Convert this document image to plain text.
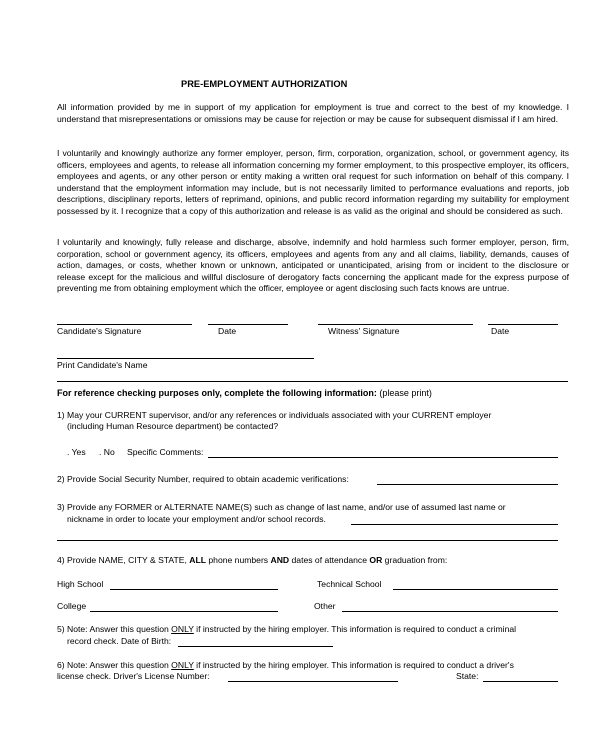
PRE-EMPLOYMENT AUTHORIZATION

All information provided by me in support of my application for employment is true and correct to the best of my knowledge. I understand that misrepresentations or omissions may be cause for rejection or may be cause for subsequent dismissal if I am hired.

I voluntarily and knowingly authorize any former employer, person, firm, corporation, organization, school, or government agency, its officers, employees and agents, to release all information concerning my former employment, to this prospective employer, its officers, employees and agents, or any other person or entity making a written oral request for such information on behalf of this company. I understand that the employment information may include, but is not necessarily limited to performance evaluations and reports, job descriptions, disciplinary reports, letters of reprimand, opinions, and public record information regarding my suitability for employment possessed by it. I recognize that a copy of this authorization and release is as valid as the original and should be considered as such.

I voluntarily and knowingly, fully release and discharge, absolve, indemnify and hold harmless such former employer, person, firm, corporation, school or government agency, its officers, employees and agents from any and all claims, liability, demands, causes of action, damages, or costs, whether known or unknown, anticipated or unanticipated, arising from or incident to the disclosure or release except for the malicious and willful disclosure of derogatory facts concerning the applicant made for the express purpose of preventing me from obtaining employment which the officer, employee or agent disclosing such facts knows are untrue.

Candidate's Signature	Date	Witness' Signature	Date
Print Candidate's Name
For reference checking purposes only, complete the following information: (please print)
1) May your CURRENT supervisor, and/or any references or individuals associated with your CURRENT employer
(including Human Resource department) be contacted?
. Yes . No Specific Comments:
2) Provide Social Security Number, required to obtain academic verifications:
3) Provide any FORMER or ALTERNATE NAME(S) such as change of last name, and/or use of assumed last name or
nickname in order to locate your employment and/or school records.
4) Provide NAME, CITY & STATE, ALL phone numbers AND dates of attendance OR graduation from:
High School	Technical School
College	Other
5) Note: Answer this question ONLY if instructed by the hiring employer. This information is required to conduct a criminal
record check. Date of Birth:
6) Note: Answer this question ONLY if instructed by the hiring employer. This information is required to conduct a driver's
license check. Driver's License Number:	State:
